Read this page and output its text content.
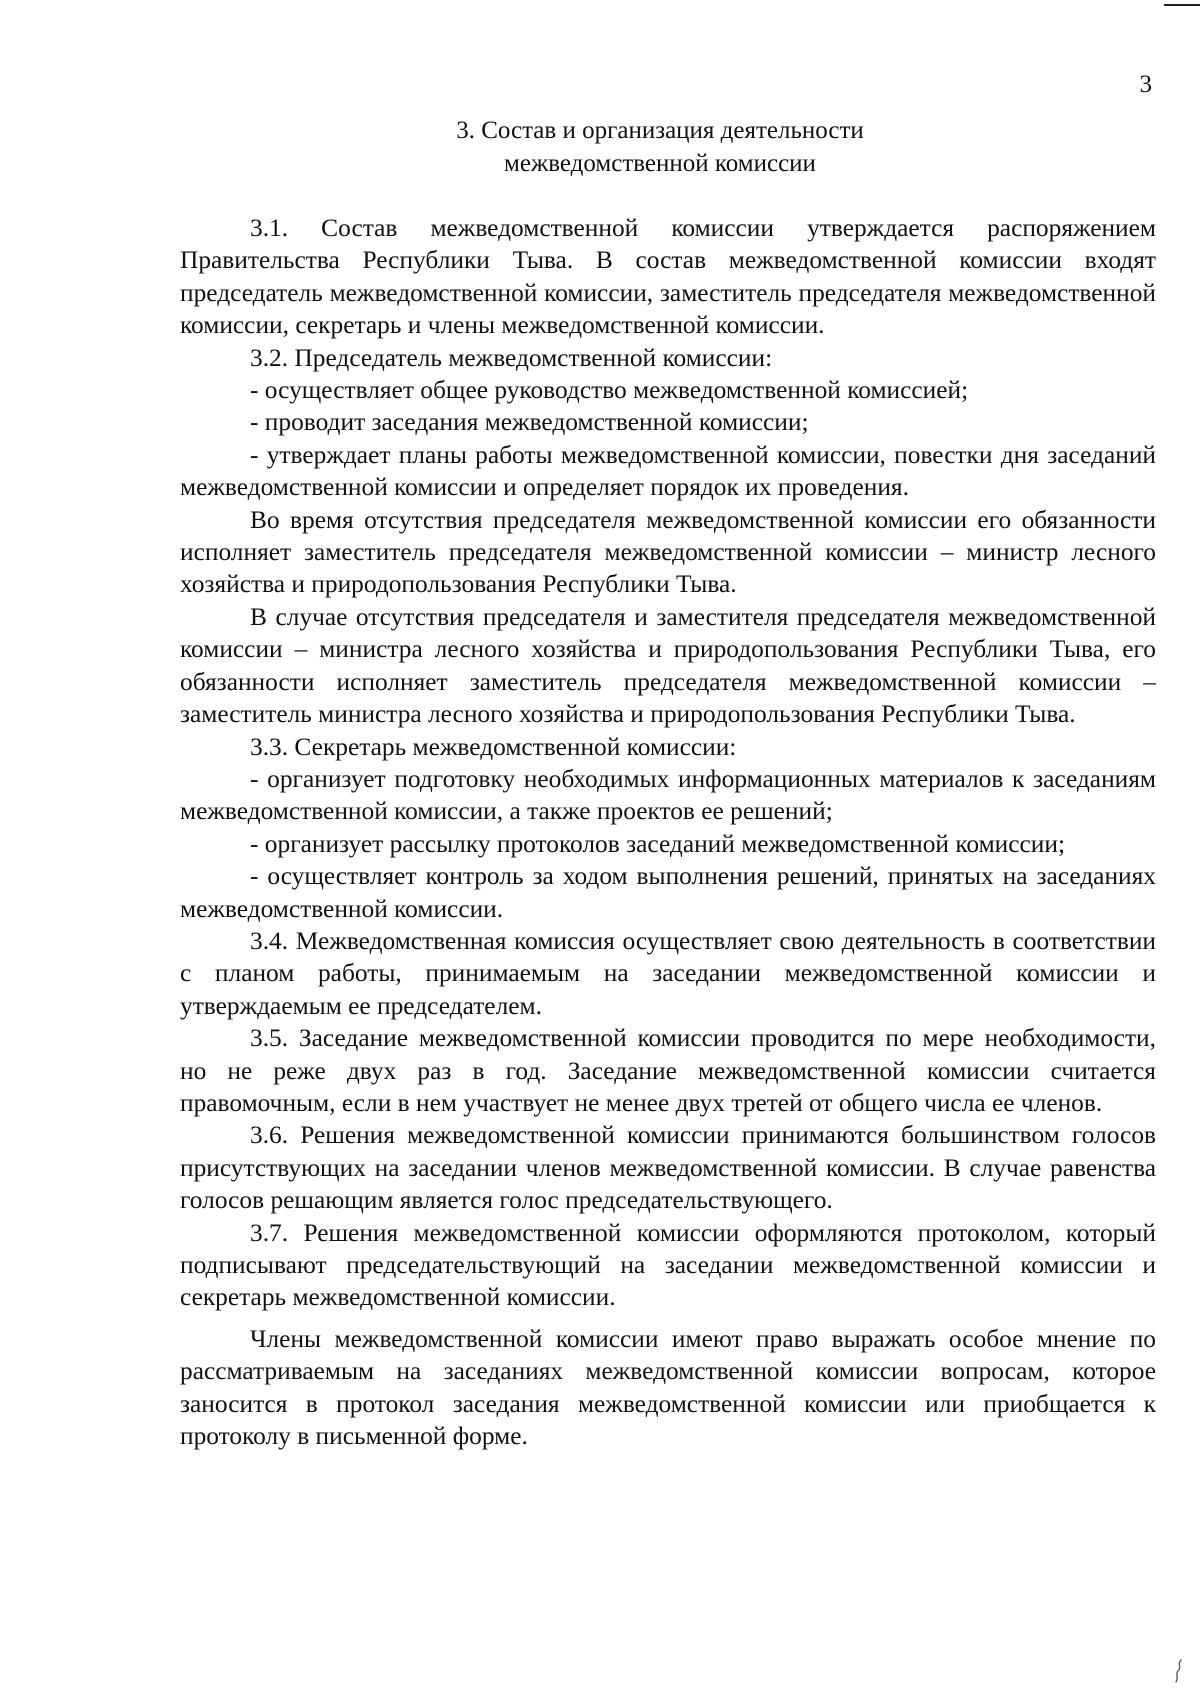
3
3. Состав и организация деятельности
межведомственной комиссии

3.1. Состав межведомственной комиссии утверждается распоряжением Правительства Республики Тыва. В состав межведомственной комиссии входят председатель межведомственной комиссии, заместитель председателя межведомственной комиссии, секретарь и члены межведомственной комиссии.

3.2. Председатель межведомственной комиссии:

- осуществляет общее руководство межведомственной комиссией;

- проводит заседания межведомственной комиссии;

- утверждает планы работы межведомственной комиссии, повестки дня заседаний межведомственной комиссии и определяет порядок их проведения.

Во время отсутствия председателя межведомственной комиссии его обязанности исполняет заместитель председателя межведомственной комиссии – министр лесного хозяйства и природопользования Республики Тыва.

В случае отсутствия председателя и заместителя председателя межведомственной комиссии – министра лесного хозяйства и природопользования Республики Тыва, его обязанности исполняет заместитель председателя межведомственной комиссии – заместитель министра лесного хозяйства и природопользования Республики Тыва.

3.3. Секретарь межведомственной комиссии:

- организует подготовку необходимых информационных материалов к заседаниям межведомственной комиссии, а также проектов ее решений;

- организует рассылку протоколов заседаний межведомственной комиссии;

- осуществляет контроль за ходом выполнения решений, принятых на заседаниях межведомственной комиссии.

3.4. Межведомственная комиссия осуществляет свою деятельность в соответствии с планом работы, принимаемым на заседании межведомственной комиссии и утверждаемым ее председателем.

3.5. Заседание межведомственной комиссии проводится по мере необходимости, но не реже двух раз в год. Заседание межведомственной комиссии считается правомочным, если в нем участвует не менее двух третей от общего числа ее членов.

3.6. Решения межведомственной комиссии принимаются большинством голосов присутствующих на заседании членов межведомственной комиссии. В случае равенства голосов решающим является голос председательствующего.

3.7. Решения межведомственной комиссии оформляются протоколом, который подписывают председательствующий на заседании межведомственной комиссии и секретарь межведомственной комиссии.

Члены межведомственной комиссии имеют право выражать особое мнение по рассматриваемым на заседаниях межведомственной комиссии вопросам, которое заносится в протокол заседания межведомственной комиссии или приобщается к протоколу в письменной форме.
